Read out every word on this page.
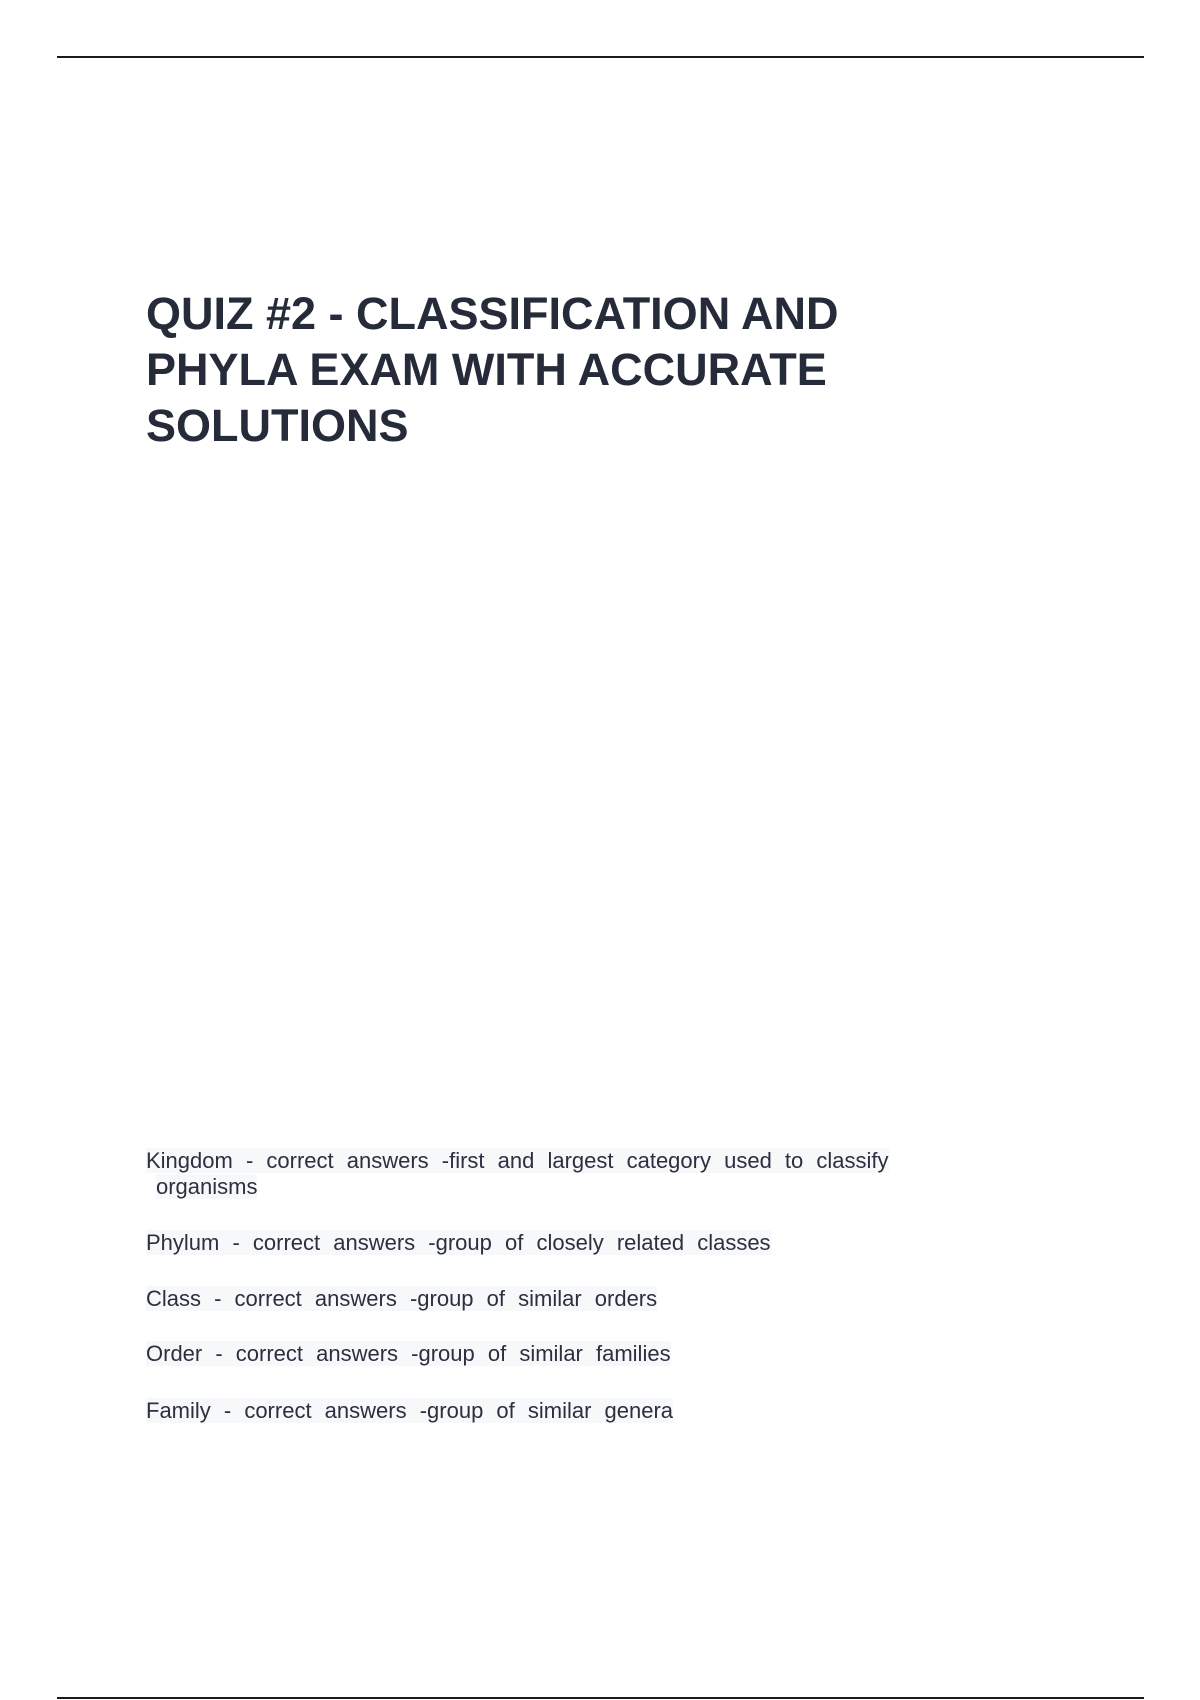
QUIZ #2 - CLASSIFICATION AND PHYLA EXAM WITH ACCURATE SOLUTIONS
Kingdom - correct answers -first and largest category used to classify
organisms
Phylum - correct answers -group of closely related classes
Class - correct answers -group of similar orders
Order - correct answers -group of similar families
Family - correct answers -group of similar genera
